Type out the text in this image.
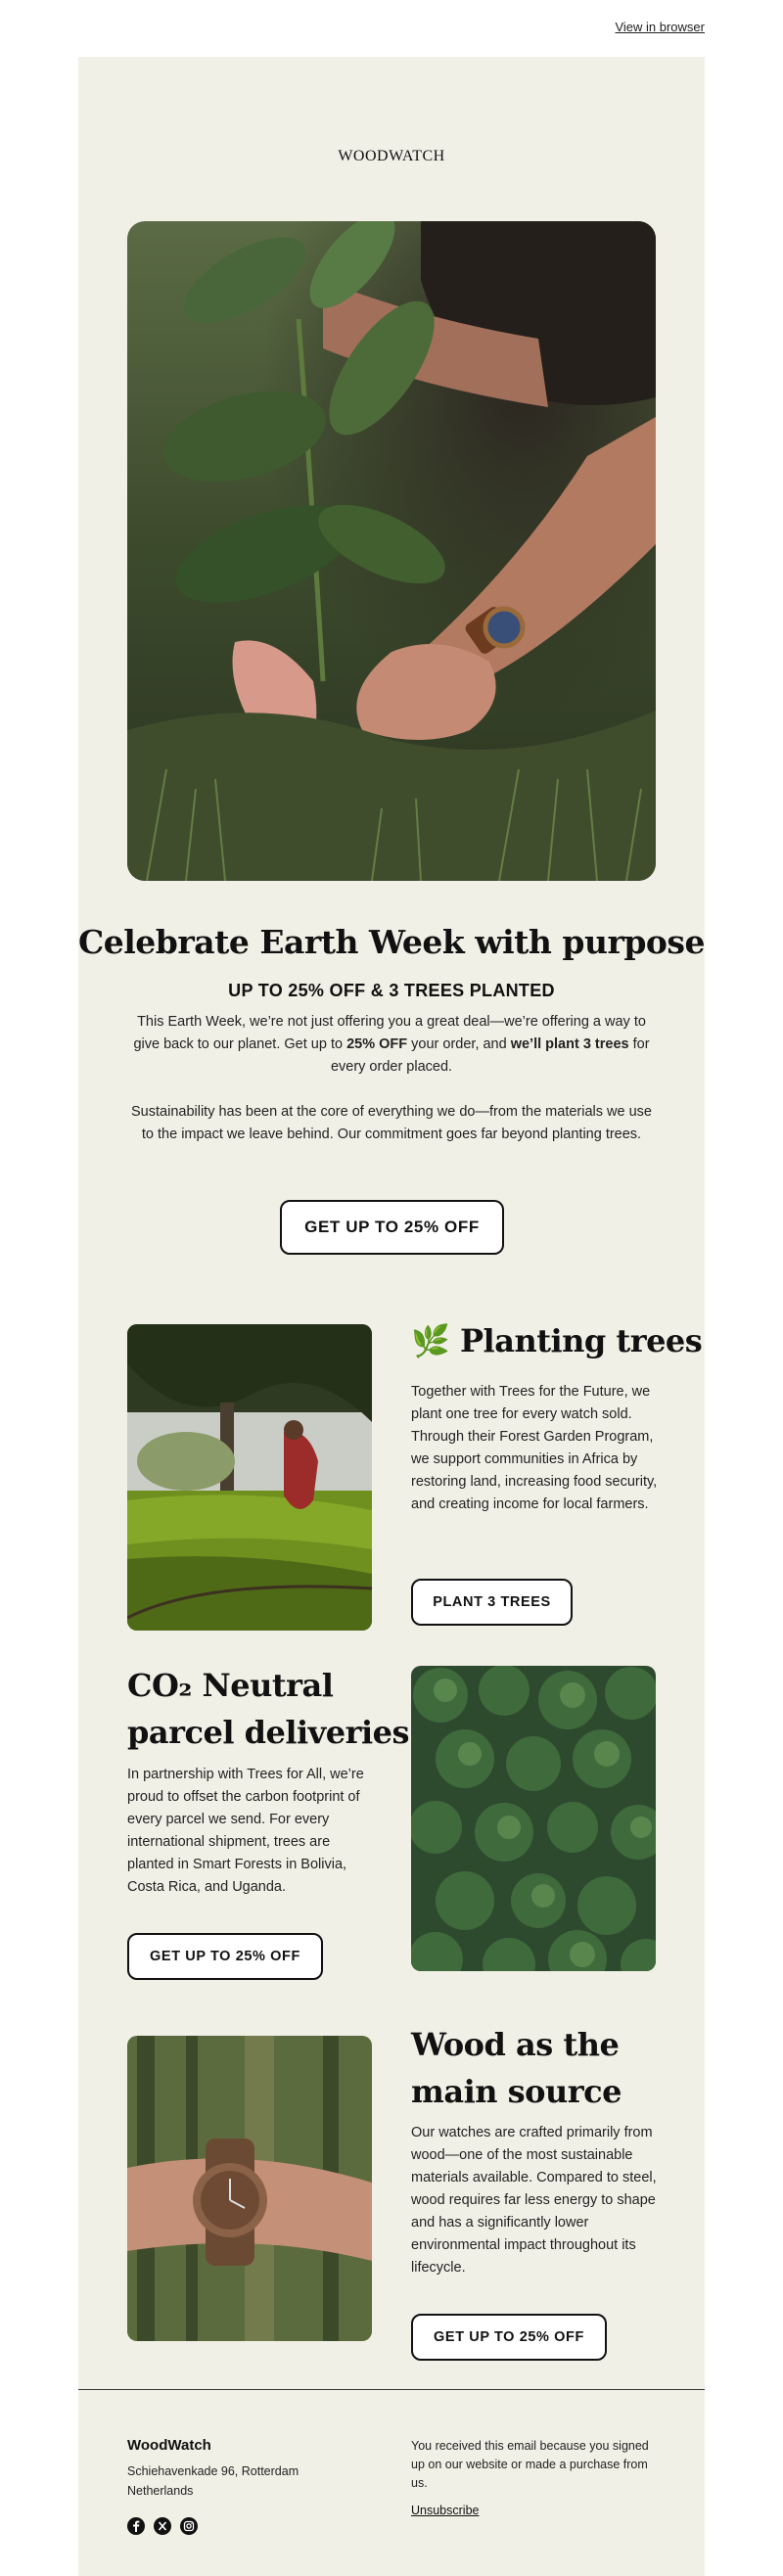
View in browser
WOODWATCH
Celebrate Earth Week with purpose
UP TO 25% OFF & 3 TREES PLANTED
This Earth Week, we’re not just offering you a great deal—we’re offering a way to give back to our planet. Get up to 25% OFF your order, and we’ll plant 3 trees for every order placed.
Sustainability has been at the core of everything we do—from the materials we use to the impact we leave behind. Our commitment goes far beyond planting trees.
GET UP TO 25% OFF
🌿 Planting trees
Together with Trees for the Future, we plant one tree for every watch sold. Through their Forest Garden Program, we support communities in Africa by restoring land, increasing food security, and creating income for local farmers.
PLANT 3 TREES
CO₂ Neutral
parcel deliveries
In partnership with Trees for All, we’re proud to offset the carbon footprint of every parcel we send. For every international shipment, trees are planted in Smart Forests in Bolivia, Costa Rica, and Uganda.
GET UP TO 25% OFF
Wood as the
main source
Our watches are crafted primarily from wood—one of the most sustainable materials available. Compared to steel, wood requires far less energy to shape and has a significantly lower environmental impact throughout its lifecycle.
GET UP TO 25% OFF
WoodWatch
Schiehavenkade 96, Rotterdam
Netherlands
You received this email because you signed up on our website or made a purchase from us.
Unsubscribe
